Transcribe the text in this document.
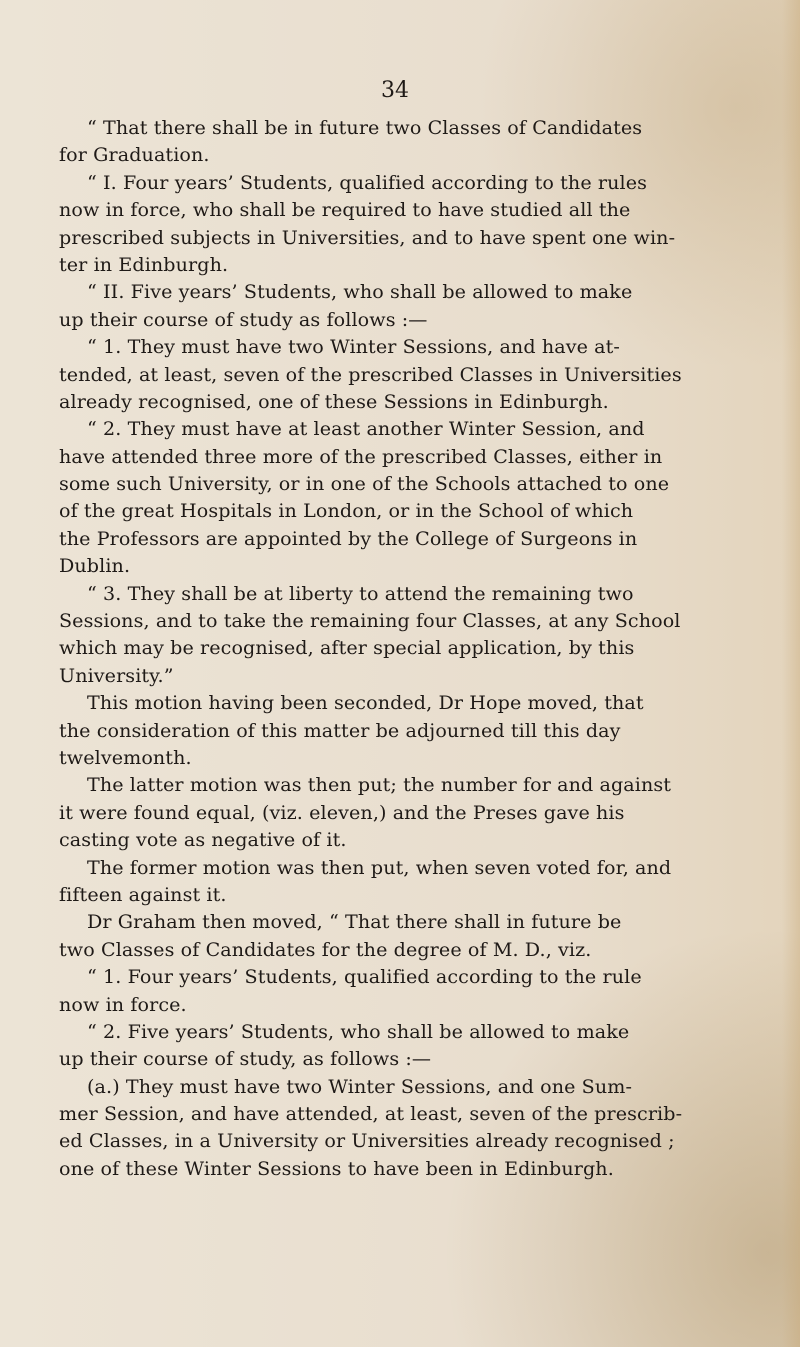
34
“ That there shall be in future two Classes of Candidates
for Graduation.
“ I. Four years’ Students, qualified according to the rules
now in force, who shall be required to have studied all the
prescribed subjects in Universities, and to have spent one win-
ter in Edinburgh.
“ II. Five years’ Students, who shall be allowed to make
up their course of study as follows :—
“ 1. They must have two Winter Sessions, and have at-
tended, at least, seven of the prescribed Classes in Universities
already recognised, one of these Sessions in Edinburgh.
“ 2. They must have at least another Winter Session, and
have attended three more of the prescribed Classes, either in
some such University, or in one of the Schools attached to one
of the great Hospitals in London, or in the School of which
the Professors are appointed by the College of Surgeons in
Dublin.
“ 3. They shall be at liberty to attend the remaining two
Sessions, and to take the remaining four Classes, at any School
which may be recognised, after special application, by this
University.”
This motion having been seconded, Dr Hope moved, that
the consideration of this matter be adjourned till this day
twelvemonth.
The latter motion was then put; the number for and against
it were found equal, (viz. eleven,) and the Preses gave his
casting vote as negative of it.
The former motion was then put, when seven voted for, and
fifteen against it.
Dr Graham then moved, “ That there shall in future be
two Classes of Candidates for the degree of M. D., viz.
“ 1. Four years’ Students, qualified according to the rule
now in force.
“ 2. Five years’ Students, who shall be allowed to make
up their course of study, as follows :—
(a.) They must have two Winter Sessions, and one Sum-
mer Session, and have attended, at least, seven of the prescrib-
ed Classes, in a University or Universities already recognised ;
one of these Winter Sessions to have been in Edinburgh.
